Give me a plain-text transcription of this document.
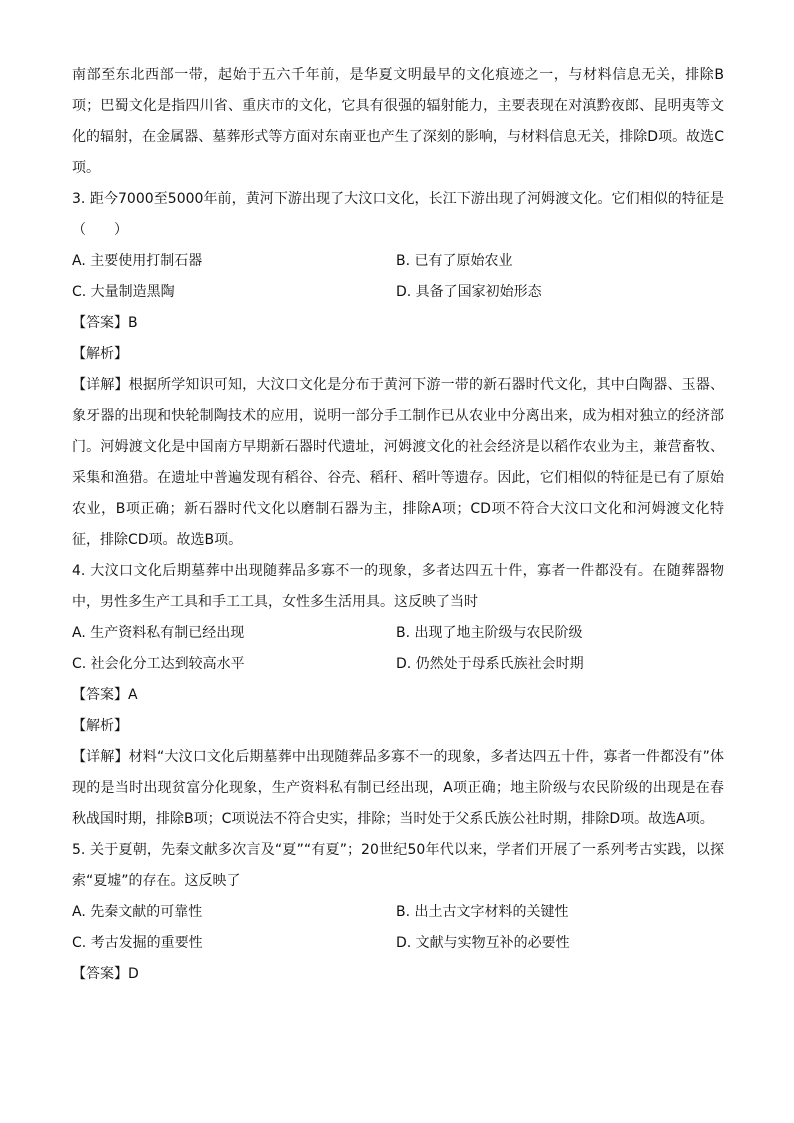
南部至东北西部一带，起始于五六千年前，是华夏文明最早的文化痕迹之一，与材料信息无关，排除B项；巴蜀文化是指四川省、重庆市的文化，它具有很强的辐射能力，主要表现在对滇黔夜郎、昆明夷等文化的辐射，在金属器、墓葬形式等方面对东南亚也产生了深刻的影响，与材料信息无关，排除D项。故选C项。

3. 距今7000至5000年前，黄河下游出现了大汶口文化，长江下游出现了河姆渡文化。它们相似的特征是（　　）

A. 主要使用打制石器	B. 已有了原始农业
C. 大量制造黑陶	D. 具备了国家初始形态

【答案】B

【解析】

【详解】根据所学知识可知，大汶口文化是分布于黄河下游一带的新石器时代文化，其中白陶器、玉器、象牙器的出现和快轮制陶技术的应用，说明一部分手工制作已从农业中分离出来，成为相对独立的经济部门。河姆渡文化是中国南方早期新石器时代遗址，河姆渡文化的社会经济是以稻作农业为主，兼营畜牧、采集和渔猎。在遗址中普遍发现有稻谷、谷壳、稻秆、稻叶等遗存。因此，它们相似的特征是已有了原始农业，B项正确；新石器时代文化以磨制石器为主，排除A项；CD项不符合大汶口文化和河姆渡文化特征，排除CD项。故选B项。

4. 大汶口文化后期墓葬中出现随葬品多寡不一的现象，多者达四五十件，寡者一件都没有。在随葬器物中，男性多生产工具和手工工具，女性多生活用具。这反映了当时

A. 生产资料私有制已经出现	B. 出现了地主阶级与农民阶级
C. 社会化分工达到较高水平	D. 仍然处于母系氏族社会时期

【答案】A

【解析】

【详解】材料“大汶口文化后期墓葬中出现随葬品多寡不一的现象，多者达四五十件，寡者一件都没有”体现的是当时出现贫富分化现象，生产资料私有制已经出现，A项正确；地主阶级与农民阶级的出现是在春秋战国时期，排除B项；C项说法不符合史实，排除；当时处于父系氏族公社时期，排除D项。故选A项。

5. 关于夏朝，先秦文献多次言及“夏”“有夏”；20世纪50年代以来，学者们开展了一系列考古实践，以探索“夏墟”的存在。这反映了

A. 先秦文献的可靠性	B. 出土古文字材料的关键性
C. 考古发掘的重要性	D. 文献与实物互补的必要性

【答案】D
